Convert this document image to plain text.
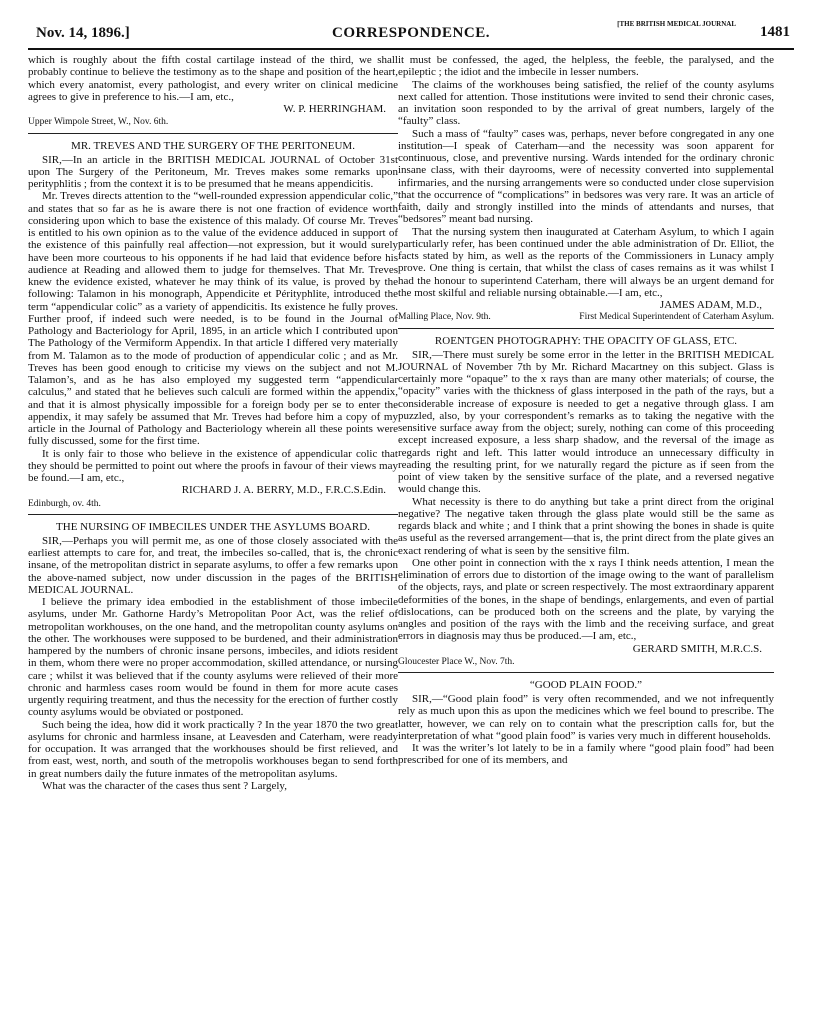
Nov. 14, 1896.]	CORRESPONDENCE.
[THE BRITISH MEDICAL JOURNAL 1481

which is roughly about the fifth costal cartilage instead of the third, we shall probably continue to believe the testimony as to the shape and position of the heart, which every anatomist, every pathologist, and every writer on clinical medicine agrees to give in preference to his.—I am, etc.,

W. P. HERRINGHAM.
Upper Wimpole Street, W., Nov. 6th.
MR. TREVES AND THE SURGERY OF THE PERITONEUM.

SIR,—In an article in the BRITISH MEDICAL JOURNAL of October 31st upon The Surgery of the Peritoneum, Mr. Treves makes some remarks upon perityphlitis ; from the context it is to be presumed that he means appendicitis.

Mr. Treves directs attention to the “well-rounded expression appendicular colic,” and states that so far as he is aware there is not one fraction of evidence worth considering upon which to base the existence of this malady. Of course Mr. Treves is entitled to his own opinion as to the value of the evidence adduced in support of the existence of this painfully real affection—not expression, but it would surely have been more courteous to his opponents if he had laid that evidence before his audience at Reading and allowed them to judge for themselves. That Mr. Treves knew the evidence existed, whatever he may think of its value, is proved by the following: Talamon in his monograph, Appendicite et Pérityphlite, introduced the term “appendicular colic” as a variety of appendicitis. Its existence he fully proves. Further proof, if indeed such were needed, is to be found in the Journal of Pathology and Bacteriology for April, 1895, in an article which I contributed upon The Pathology of the Vermiform Appendix. In that article I differed very materially from M. Talamon as to the mode of production of appendicular colic ; and as Mr. Treves has been good enough to criticise my views on the subject and not M. Talamon’s, and as he has also employed my suggested term “appendicular calculus,” and stated that he believes such calculi are formed within the appendix, and that it is almost physically impossible for a foreign body per se to enter the appendix, it may safely be assumed that Mr. Treves had before him a copy of my article in the Journal of Pathology and Bacteriology wherein all these points were fully discussed, some for the first time.

It is only fair to those who believe in the existence of appendicular colic that they should be permitted to point out where the proofs in favour of their views may be found.—I am, etc.,

RICHARD J. A. BERRY, M.D., F.R.C.S.Edin.
Edinburgh, ov. 4th.
THE NURSING OF IMBECILES UNDER THE ASYLUMS BOARD.

SIR,—Perhaps you will permit me, as one of those closely associated with the earliest attempts to care for, and treat, the imbeciles so-called, that is, the chronic insane, of the metropolitan district in separate asylums, to offer a few remarks upon the above-named subject, now under discussion in the pages of the BRITISH MEDICAL JOURNAL.

I believe the primary idea embodied in the establishment of those imbecile asylums, under Mr. Gathorne Hardy’s Metropolitan Poor Act, was the relief of metropolitan workhouses, on the one hand, and the metropolitan county asylums on the other. The workhouses were supposed to be burdened, and their administration hampered by the numbers of chronic insane persons, imbeciles, and idiots resident in them, whom there were no proper accommodation, skilled attendance, or nursing care ; whilst it was believed that if the county asylums were relieved of their more chronic and harmless cases room would be found in them for more acute cases urgently requiring treatment, and thus the necessity for the erection of further costly county asylums would be obviated or postponed.

Such being the idea, how did it work practically ? In the year 1870 the two great asylums for chronic and harmless insane, at Leavesden and Caterham, were ready for occupation. It was arranged that the workhouses should be first relieved, and from east, west, north, and south of the metropolis workhouses began to send forth in great numbers daily the future inmates of the metropolitan asylums.

What was the character of the cases thus sent ? Largely,

it must be confessed, the aged, the helpless, the feeble, the paralysed, and the epileptic ; the idiot and the imbecile in lesser numbers.

The claims of the workhouses being satisfied, the relief of the county asylums next called for attention. Those institutions were invited to send their chronic cases, an invitation soon responded to by the arrival of great numbers, largely of the “faulty” class.

Such a mass of “faulty” cases was, perhaps, never before congregated in any one institution—I speak of Caterham—and the necessity was soon apparent for continuous, close, and preventive nursing. Wards intended for the ordinary chronic insane class, with their dayrooms, were of necessity converted into supplemental infirmaries, and the nursing arrangements were so conducted under close supervision that the occurrence of “complications” in bedsores was very rare. It was an article of faith, daily and strongly instilled into the minds of attendants and nurses, that “bedsores” meant bad nursing.

That the nursing system then inaugurated at Caterham Asylum, to which I again particularly refer, has been continued under the able administration of Dr. Elliot, the facts stated by him, as well as the reports of the Commissioners in Lunacy amply prove. One thing is certain, that whilst the class of cases remains as it was whilst I had the honour to superintend Caterham, there will always be an urgent demand for the most skilful and reliable nursing obtainable.—I am, etc.,

JAMES ADAM, M.D.,
Malling Place, Nov. 9th.	First Medical Superintendent of Caterham Asylum.
ROENTGEN PHOTOGRAPHY: THE OPACITY OF GLASS, ETC.

SIR,—There must surely be some error in the letter in the BRITISH MEDICAL JOURNAL of November 7th by Mr. Richard Macartney on this subject. Glass is certainly more “opaque” to the x rays than are many other materials; of course, the “opacity” varies with the thickness of glass interposed in the path of the rays, but a considerable increase of exposure is needed to get a negative through glass. I am puzzled, also, by your correspondent’s remarks as to taking the negative with the sensitive surface away from the object; surely, nothing can come of this proceeding except increased exposure, a less sharp shadow, and the reversal of the image as regards right and left. This latter would introduce an unnecessary difficulty in reading the resulting print, for we naturally regard the picture as if seen from the point of view taken by the sensitive surface of the plate, and a reversed negative would change this.

What necessity is there to do anything but take a print direct from the original negative? The negative taken through the glass plate would still be the same as regards black and white ; and I think that a print showing the bones in shade is quite as useful as the reversed arrangement—that is, the print direct from the plate gives an exact rendering of what is seen by the sensitive film.

One other point in connection with the x rays I think needs attention, I mean the elimination of errors due to distortion of the image owing to the want of parallelism of the objects, rays, and plate or screen respectively. The most extraordinary apparent deformities of the bones, in the shape of bendings, enlargements, and even of partial dislocations, can be produced both on the screens and the plate, by varying the angles and position of the rays with the limb and the receiving surface, and great errors in diagnosis may thus be produced.—I am, etc.,

GERARD SMITH, M.R.C.S.
Gloucester Place W., Nov. 7th.
“GOOD PLAIN FOOD.”

SIR,—“Good plain food” is very often recommended, and we not infrequently rely as much upon this as upon the medicines which we feel bound to prescribe. The latter, however, we can rely on to contain what the prescription calls for, but the interpretation of what “good plain food” is varies very much in different households.

It was the writer’s lot lately to be in a family where “good plain food” had been prescribed for one of its members, and
